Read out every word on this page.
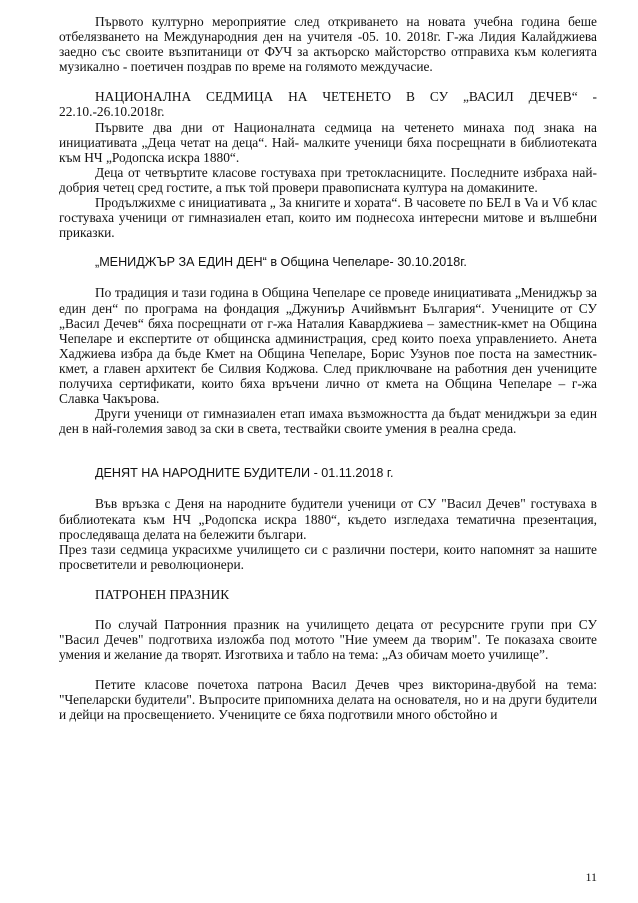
Първото културно мероприятие след откриването на новата учебна година беше отбелязването на Международния ден на учителя -05. 10. 2018г. Г-жа Лидия Калайджиева заедно със своите възпитаници от ФУЧ за актьорско майсторство отправиха към колегията музикално - поетичен поздрав по време на голямото междучасие.

НАЦИОНАЛНА СЕДМИЦА НА ЧЕТЕНЕТО В СУ „ВАСИЛ ДЕЧЕВ“ - 22.10.-26.10.2018г.

Първите два дни от Националната седмица на четенето минаха под знака на инициативата „Деца четат на деца“. Най- малките ученици бяха посрещнати в библиотеката към НЧ „Родопска искра 1880“.

Деца от четвъртите класове гостуваха при третокласниците. Последните избраха най- добрия четец сред гостите, а пък той провери правописната култура на домакините.

Продължихме с инициативата „ За книгите и хората“. В часовете по БЕЛ в Va и Vб клас гостуваха ученици от гимназиален етап, които им поднесоха интересни митове и вълшебни приказки.

„МЕНИДЖЪР ЗА ЕДИН ДЕН“ в Община Чепеларе- 30.10.2018г.

По традиция и тази година в Община Чепеларе се проведе инициативата „Мениджър за един ден“ по програма на фондация „Джуниър Ачийвмънт България“. Учениците от СУ „Васил Дечев“ бяха посрещнати от г-жа Наталия Каварджиева – заместник-кмет на Община Чепеларе и експертите от общинска администрация, сред които поеха управлението. Анета Хаджиева избра да бъде Кмет на Община Чепеларе, Борис Узунов пое поста на заместник-кмет, а главен архитект бе Силвия Коджова. След приключване на работния ден учениците получиха сертификати, които бяха връчени лично от кмета на Община Чепеларе – г-жа Славка Чакърова.

Други ученици от гимназиален етап имаха възможността да бъдат мениджъри за един ден в най-големия завод за ски в света, тествайки своите умения в реална среда.

ДЕНЯТ НА НАРОДНИТЕ БУДИТЕЛИ - 01.11.2018 г.

Във връзка с Деня на народните будители ученици от СУ "Васил Дечев" гостуваха в библиотеката към НЧ „Родопска искра 1880“, където изгледаха тематична презентация, проследяваща делата на бележити българи.

През тази седмица украсихме училището си с различни постери, които напомнят за нашите просветители и революционери.

ПАТРОНЕН ПРАЗНИК

По случай Патронния празник на училището децата от ресурсните групи при СУ "Васил Дечев" подготвиха изложба под мотото "Ние умеем да творим". Те показаха своите умения и желание да творят. Изготвиха и табло на тема: „Аз обичам моето училище”.

Петите класове почетоха патрона Васил Дечев чрез викторина-двубой на тема: "Чепеларски будители". Въпросите припомниха делата на основателя, но и на други будители и дейци на просвещението. Учениците се бяха подготвили много обстойно и

11
